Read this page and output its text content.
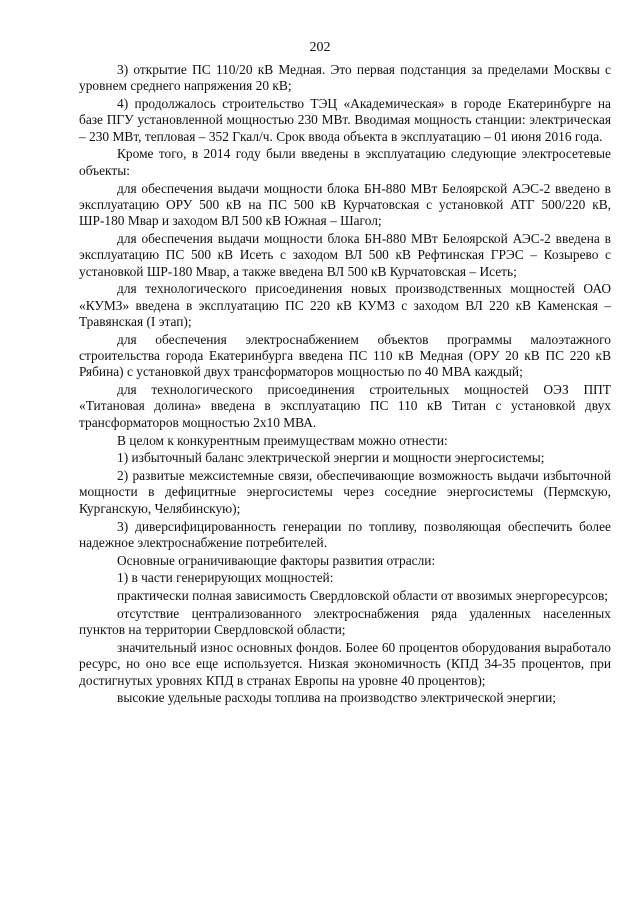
202

3) открытие ПС 110/20 кВ Медная. Это первая подстанция за пределами Москвы с уровнем среднего напряжения 20 кВ;

4) продолжалось строительство ТЭЦ «Академическая» в городе Екатеринбурге на базе ПГУ установленной мощностью 230 МВт. Вводимая мощность станции: электрическая – 230 МВт, тепловая – 352 Гкал/ч. Срок ввода объекта в эксплуатацию – 01 июня 2016 года.

Кроме того, в 2014 году были введены в эксплуатацию следующие электросетевые объекты:

для обеспечения выдачи мощности блока БН-880 МВт Белоярской АЭС-2 введено в эксплуатацию ОРУ 500 кВ на ПС 500 кВ Курчатовская с установкой АТГ 500/220 кВ, ШР-180 Мвар и заходом ВЛ 500 кВ Южная – Шагол;

для обеспечения выдачи мощности блока БН-880 МВт Белоярской АЭС-2 введена в эксплуатацию ПС 500 кВ Исеть с заходом ВЛ 500 кВ Рефтинская ГРЭС – Козырево с установкой ШР-180 Мвар, а также введена ВЛ 500 кВ Курчатовская – Исеть;

для технологического присоединения новых производственных мощностей ОАО «КУМЗ» введена в эксплуатацию ПС 220 кВ КУМЗ с заходом ВЛ 220 кВ Каменская – Травянская (I этап);

для обеспечения электроснабжением объектов программы малоэтажного строительства города Екатеринбурга введена ПС 110 кВ Медная (ОРУ 20 кВ ПС 220 кВ Рябина) с установкой двух трансформаторов мощностью по 40 МВА каждый;

для технологического присоединения строительных мощностей ОЭЗ ППТ «Титановая долина» введена в эксплуатацию ПС 110 кВ Титан с установкой двух трансформаторов мощностью 2x10 МВА.

В целом к конкурентным преимуществам можно отнести:

1) избыточный баланс электрической энергии и мощности энергосистемы;

2) развитые межсистемные связи, обеспечивающие возможность выдачи избыточной мощности в дефицитные энергосистемы через соседние энергосистемы (Пермскую, Курганскую, Челябинскую);

3) диверсифицированность генерации по топливу, позволяющая обеспечить более надежное электроснабжение потребителей.

Основные ограничивающие факторы развития отрасли:

1) в части генерирующих мощностей:

практически полная зависимость Свердловской области от ввозимых энергоресурсов;

отсутствие централизованного электроснабжения ряда удаленных населенных пунктов на территории Свердловской области;

значительный износ основных фондов. Более 60 процентов оборудования выработало ресурс, но оно все еще используется. Низкая экономичность (КПД 34-35 процентов, при достигнутых уровнях КПД в странах Европы на уровне 40 процентов);

высокие удельные расходы топлива на производство электрической энергии;
